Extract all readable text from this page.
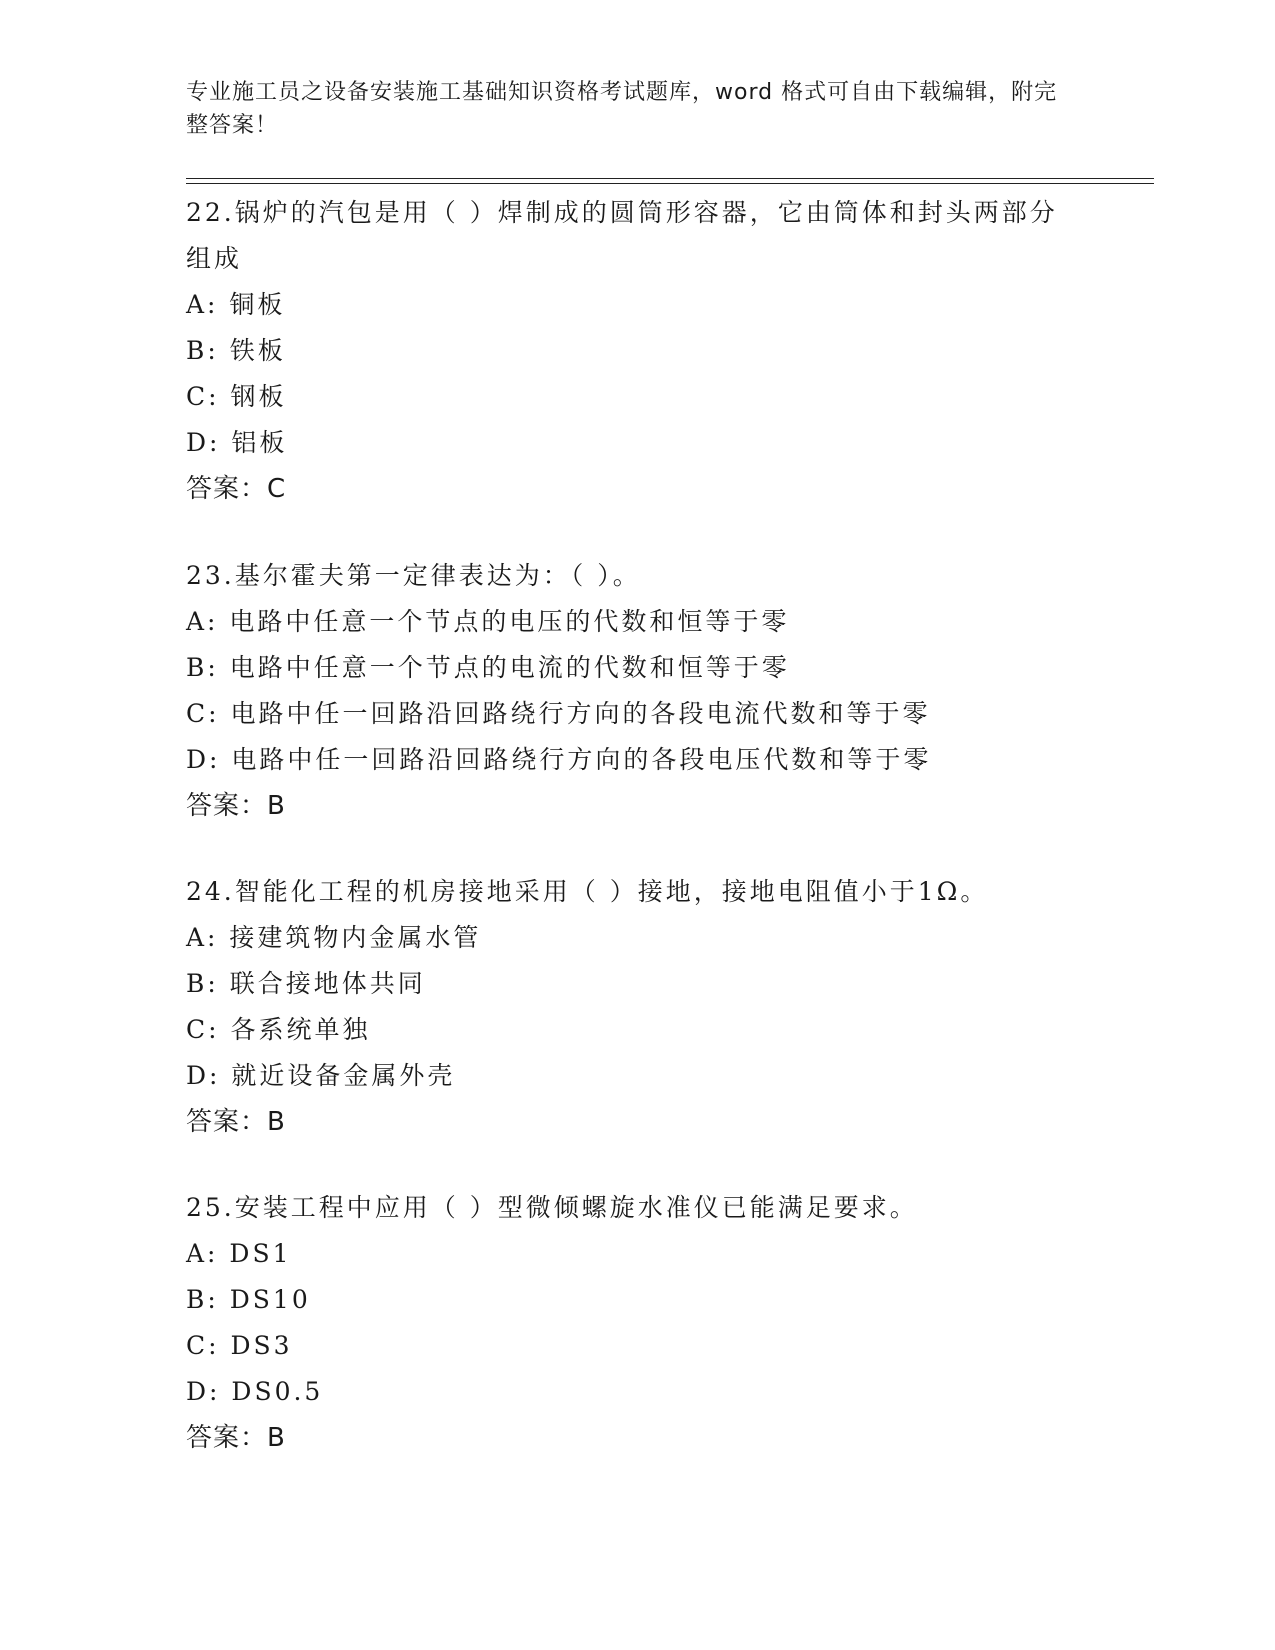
专业施工员之设备安装施工基础知识资格考试题库，word 格式可自由下载编辑，附完整答案！
22.锅炉的汽包是用（ ）焊制成的圆筒形容器，它由筒体和封头两部分组成
A: 铜板
B: 铁板
C: 钢板
D: 铝板
答案：C
23.基尔霍夫第一定律表达为：（ ）。
A: 电路中任意一个节点的电压的代数和恒等于零
B: 电路中任意一个节点的电流的代数和恒等于零
C: 电路中任一回路沿回路绕行方向的各段电流代数和等于零
D: 电路中任一回路沿回路绕行方向的各段电压代数和等于零
答案：B
24.智能化工程的机房接地采用（ ）接地，接地电阻值小于1Ω。
A: 接建筑物内金属水管
B: 联合接地体共同
C: 各系统单独
D: 就近设备金属外壳
答案：B
25.安装工程中应用（ ）型微倾螺旋水准仪已能满足要求。
A: DS1
B: DS10
C: DS3
D: DS0.5
答案：B
